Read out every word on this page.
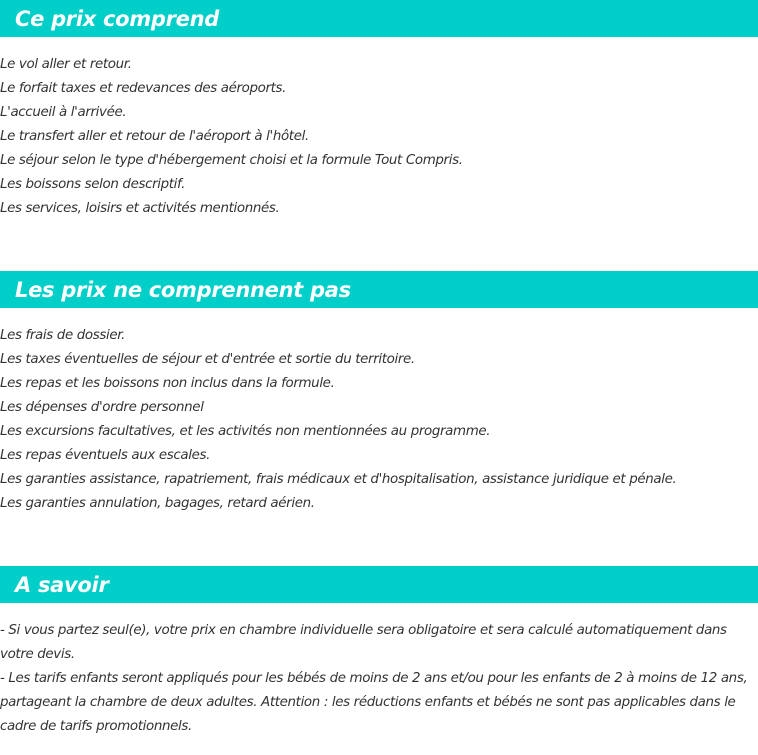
Ce prix comprend
Le vol aller et retour.
Le forfait taxes et redevances des aéroports.
L'accueil à l'arrivée.
Le transfert aller et retour de l'aéroport à l'hôtel.
Le séjour selon le type d'hébergement choisi et la formule Tout Compris.
Les boissons selon descriptif.
Les services, loisirs et activités mentionnés.
Les prix ne comprennent pas
Les frais de dossier.
Les taxes éventuelles de séjour et d'entrée et sortie du territoire.
Les repas et les boissons non inclus dans la formule.
Les dépenses d'ordre personnel
Les excursions facultatives, et les activités non mentionnées au programme.
Les repas éventuels aux escales.
Les garanties assistance, rapatriement, frais médicaux et d'hospitalisation, assistance juridique et pénale.
Les garanties annulation, bagages, retard aérien.
A savoir

- Si vous partez seul(e), votre prix en chambre individuelle sera obligatoire et sera calculé automatiquement dans votre devis.

- Les tarifs enfants seront appliqués pour les bébés de moins de 2 ans et/ou pour les enfants de 2 à moins de 12 ans, partageant la chambre de deux adultes. Attention : les réductions enfants et bébés ne sont pas applicables dans le cadre de tarifs promotionnels.
